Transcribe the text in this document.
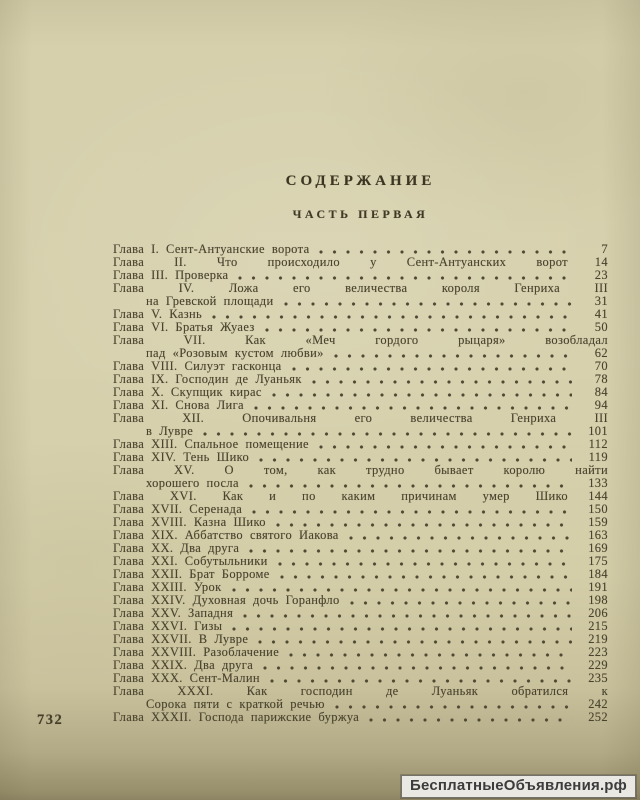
СОДЕРЖАНИЕ
ЧАСТЬ ПЕРВАЯ
Глава I. Сент-Антуанские ворота	7
Глава II. Что происходило у Сент-Антуанских ворот	14
Глава III. Проверка	23
Глава IV. Ложа его величества короля Генриха III
на Гревской площади	31
Глава V. Казнь	41
Глава VI. Братья Жуаез	50
Глава VII. Как «Меч гордого рыцаря» возобладал
пад «Розовым кустом любви»	62
Глава VIII. Силуэт гасконца	70
Глава IX. Господин де Луаньяк	78
Глава X. Скупщик кирас	84
Глава XI. Снова Лига	94
Глава XII. Опочивальня его величества Генриха III
в Лувре	101
Глава XIII. Спальное помещение	112
Глава XIV. Тень Шико	119
Глава XV. О том, как трудно бывает королю найти
хорошего посла	133
Глава XVI. Как и по каким причинам умер Шико	144
Глава XVII. Серенада	150
Глава XVIII. Казна Шико	159
Глава XIX. Аббатство святого Иакова	163
Глава XX. Два друга	169
Глава XXI. Собутыльники	175
Глава XXII. Брат Борроме	184
Глава XXIII. Урок	191
Глава XXIV. Духовная дочь Горанфло	198
Глава XXV. Западня	206
Глава XXVI. Гизы	215
Глава XXVII. В Лувре	219
Глава XXVIII. Разоблачение	223
Глава XXIX. Два друга	229
Глава XXX. Сент-Малин	235
Глава XXXI. Как господин де Луаньяк обратился к
Сорока пяти с краткой речью	242
Глава XXXII. Господа парижские буржуа	252
732
БесплатныеОбъявления.рф
